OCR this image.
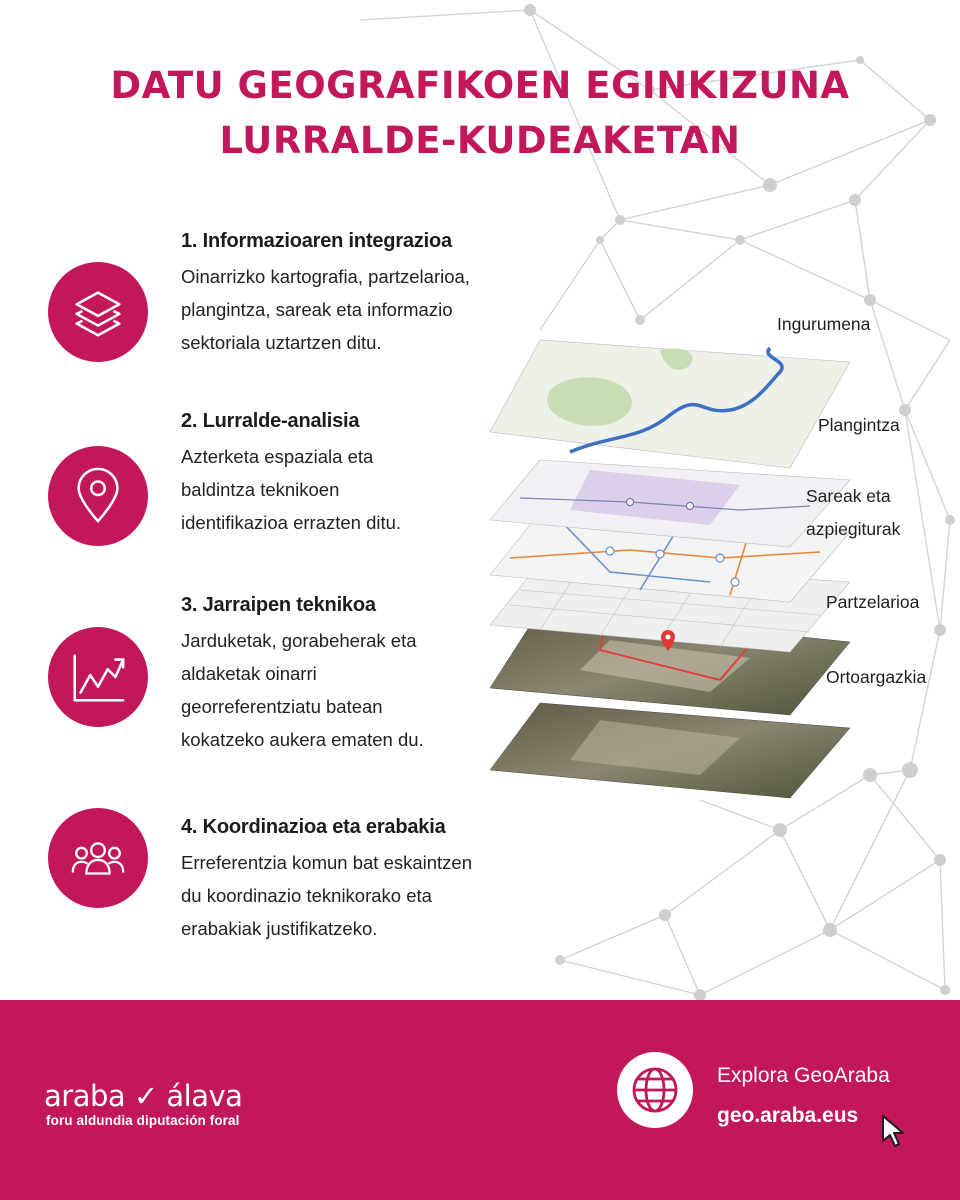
DATU GEOGRAFIKOEN EGINKIZUNA
LURRALDE-KUDEAKETAN
1. Informazioaren integrazioa
Oinarrizko kartografia, partzelarioa,
plangintza, sareak eta informazio
sektoriala uztartzen ditu.
2. Lurralde-analisia
Azterketa espaziala eta
baldintza teknikoen
identifikazioa errazten ditu.
3. Jarraipen teknikoa
Jarduketak, gorabeherak eta
aldaketak oinarri
georreferentziatu batean
kokatzeko aukera ematen du.
4. Koordinazioa eta erabakia
Erreferentzia komun bat eskaintzen
du koordinazio teknikorako eta
erabakiak justifikatzeko.
Ingurumena
Plangintza
Sareak eta
azpiegiturak
Partzelarioa
Ortoargazkia
araba ✓ álava
foru aldundia diputación foral
Explora GeoAraba
geo.araba.eus
